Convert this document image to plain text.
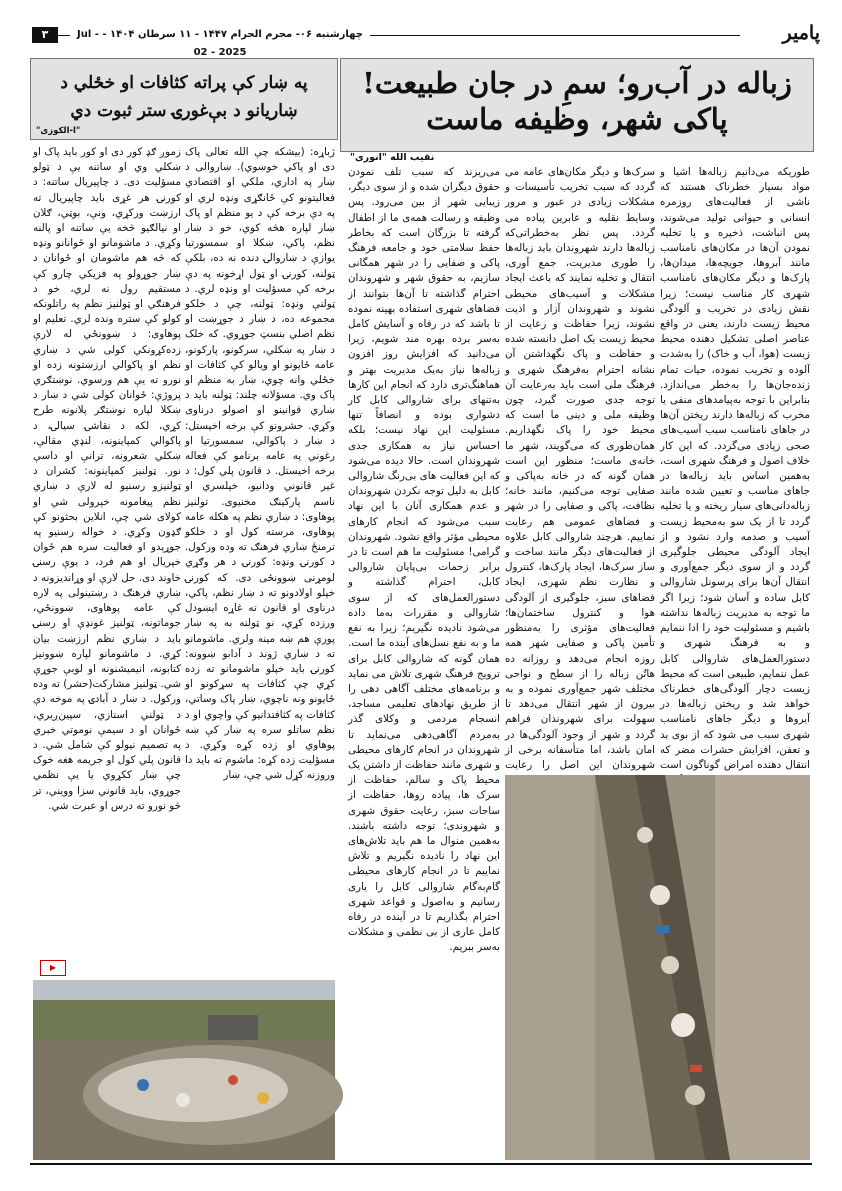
۳	چهارشنبه ۰۶- محرم الحرام ۱۴۴۷ - ۱۱ سرطان ۱۴۰۴ - Jul - 02 - 2025
پامیر
زباله در آب‌رو؛ سمِ در جان طبیعت!
پاکی شهر، وظیفه ماست
نقیب الله "انوری"
په ښار کې پراته کثافات او خځلي د
ښاريانو د بې‌غورۍ ستر ثبوت دي
"ا-الکوزی"
طوریکه می‌دانیم زباله‌ها اشیا و مواد بسیار خطرناک هستند که ناشی از فعالیت‌های روزمره انسانی و حیوانی تولید می‌شوند، پس انباشت، ذخیره و یا تخلیه نمودن آن‌ها در مکان‌های نامناسب مانند آبروها، جویچه‌ها، میدان‌ها، پارک‌ها و دیگر مکان‌های نامناسب شهری کار مناسب نیست؛ زیرا نقش زیادی در تخریب و آلودگی محیط زیست دارند، یعنی در واقع عناصر اصلی تشکیل دهنده محیط زیست (هوا، آب و خاک) را به‌شدت آلوده و تخریب نموده، حیات تمام زنده‌جان‌ها را به‌خطر می‌اندازد. بنابراین با توجه به‌پیامدهای منفی یا مخرب که زباله‌ها دارند ریختن آن‌ها در جاهای نامناسب سبب آسیب‌های صحی زیادی می‌گردد. که این کار خلاف اصول و فرهنگ شهری است، به‌همین اساس باید زباله‌ها در جاهای مناسب و تعیین شده مانند زباله‌دانی‌های سیار ریخته و یا تخلیه گردد تا از یک سو به‌محیط زیست آسیب و صدمه وارد نشود و از ایجاد آلودگی محیطی جلوگیری گردد و از سوی دیگر جمع‌آوری و انتقال آن‌ها برای پرسونل شاروالی کابل ساده و آسان شود؛ زیرا اگر ما توجه به مدیریت زباله‌ها نداشته باشیم و مسئولیت خود را ادا ننمایم و به فرهنگ شهری و دستورالعمل‌های شاروالی کابل عمل ننمایم، طبیعی است که محیط زیست دچار آلودگی‌های خطرناک خواهد شد و ریختن زباله‌ها در آبروها و دیگر جاهای نامناسب شهری سبب می شود که از بوی بد و تعفن، افزایش حشرات مضر که انتقال دهنده امراض گوناگون است
سرک‌ها و دیگر مکان‌های عامه می گردد که سبب تخریب تأسیسات و مشکلات زیادی در عبور و مرور وسایط نقلیه و عابرین پیاده می گردد. پس نظر به‌خطراتی‌که زباله‌ها دارند شهروندان باید زباله‌ها را طوری مدیریت، جمع آوری، انتقال و تخلیه نمایند که باعث ایجاد مشکلات و آسیب‌های محیطی نشوند و شهروندان آزار و اذیت نشوند، زیرا حفاظت و رعایت از محیط زیست یک اصل دانسته شده و حفاظت و پاک نگهداشتن آن نشانه احترام به‌فرهنگ شهری و فرهنگ ملی است باید به‌رعایت آن توجه جدی صورت گیرد، چون وظیفه ملی و دینی ما است که محیط خود را پاک نگهداریم. همان‌طوری که می‌گویند، شهر ما خانه‌ی ماست؛ منظور این است همان گونه که در خانه به‌پاکی و صفایی توجه می‌کنیم، مانند خانه؛ نظافت، پاکی و صفایی را در شهر و فضاهای عمومی هم رعایت نماییم. هرچند شاروالی کابل علاوه از فعالیت‌های دیگر مانند ساخت و ساز سرک‌ها، ایجاد پارک‌ها، کنترول و نظارت نظم شهری، ایجاد فضاهای سبز، جلوگیری از آلودگی هوا و کنترول ساختمان‌ها؛ فعالیت‌های مؤثری را به‌منظور تأمین پاکی و صفایی شهر همه روزه انجام می‌دهد و روزانه ده هاتُن زباله را از سطح و نواحی مختلف شهر جمع‌آوری نموده و به بیرون از شهر انتقال می‌دهد تا سهولت برای شهروندان فراهم گردد و شهر از وجود آلودگی‌ها در امان باشد، اما متأسفانه برخی از شهروندان این اصل را رعایت
می‌ریزند که سبب تلف نمودن حقوق دیگران شده و از سوی دیگر، زیبایی شهر از بین می‌رود. پس وظیفه و رسالت همه‌ی ما از اطفال گرفته تا بزرگان است که بخاطر حفظ سلامتی خود و جامعه فرهنگ پاکی و صفایی را در شهر همگانی سازیم، به حقوق شهر و شهروندان احترام گذاشته تا آن‌ها بتوانند از فضاهای شهری استفاده بهینه نموده تا باشد که در رفاه و آسایش کامل به‌سر برده بهره مند شویم، زیرا می‌دانید که افزایش روز افزون زباله‌ها نیاز به‌یک مدیریت بهتر و هماهنگ‌تری دارد که انجام این کارها به‌تنهای برای شاروالی کابل کار دشواری بوده و انصافاً تنها مسئولیت این نهاد نیست؛ بلکه احساس نیاز به همکاری جدی شهروندان است. حالا دیده می‌شود که این فعالیت های بی‌رنگ شاروالی کابل به دلیل توجه نکردن شهروندان و عدم همکاری آنان با این نهاد سبب می‌شود که انجام کارهای محیطی مؤثر واقع نشود. شهروندان گرامی! مسئولیت ما هم است تا در برابر زحمات بی‌پایان شاروالی کابل، احترام گذاشته و دستورالعمل‌های که از سوی شاروالی و مقررات به‌ما داده می‌شود نادیده نگیریم؛ زیرا به نفع ما و به نفع نسل‌های آینده ما است. همان گونه که شاروالی کابل برای ترویج فرهنگ شهری تلاش می نماید و برنامه‌های مختلف آگاهی دهی را از طریق نهادهای تعلیمی مساجد، انسجام مردمی و وکلای گذر به‌مردم آگاهی‌دهی می‌نماید تا شهروندان در انجام کارهای محیطی و شهری مانند حفاظت از داشتن یک محیط پاک و سالم، حفاظت از سرک ها، پیاده روها، حفاظت از ساحات سبز، رعایت حقوق شهری و شهروندی؛ توجه داشته باشند. به‌همین منوال ما هم باید تلاش‌های این نهاد را نادیده نگیریم و تلاش نماییم تا در انجام کارهای محیطی گام‌به‌گام شاروالی کابل را یاری رسانیم و به‌اصول و قواعد شهری احترام بگذاریم تا در آینده در رفاه کامل عاری از بی نظمی و مشکلات به‌سر ببریم.
ژباړه: (بیشکه چې الله تعالی پاک دی او پاکي خوښوي). ښاروالی د ښار په اداري، ملکي او اقتصادي فعالیتونو کې ځانګړی ونډه لري او په دې برخه کې د یو منظم او پاک ښار لپاره هڅه کوي، خو د ښار نظم، پاکي، ښکلا او سمسورتیا یوازې د ښاروالۍ دنده نه ده، بلکې ټولنه، کورنۍ او ټول اړخونه په دې برخه کې مسؤلیت او ونډه لري. د ټولنې ونډه: ټولنه، چې د خلکو مجموعه ده، د ښار د جوړښت او نظم اصلي بنسټ جوړوي. که خلک د ښار په ښکلي، سرکونو، پارکونو، عامه ځایونو او ویالو کې کثافات او خځلي وانه چوي، ښار به منظم او پاک وي. مسؤلانه چلند: ټولنه باید د ښاري قوانینو او اصولو درناوی وکړي. حشرونو کې برخه اخیستل: د ښار د پاکوالي، سمسورتیا او رغوني په عامه برنامو کې فعاله برخه اخیستل. د قانون پلي کول: د غیر قانوني ودانیو، خپلسري او ناسم پارکینګ مخنیوی. تولنیز پوهاوی: د ښاري نظم په هکله عامه پوهاوی، مرسته کول او د خلکو ترمنځ ښاري فرهنګ ته وده ورکول. د کورنۍ ونډه: کورنۍ د هر وګړي لومړنی ښوونځی دی. که کورنۍ خپلو اولادونو ته د ښار نظم، پاکي، درناوی او قانون ته غاړه ایښودل ورزده کړي، نو ټولنه به په ښار پورې هم ښه مینه ولري. ماشومانو ته د ښاري ژوند د آدابو ښوونه: کورنۍ باید خپلو ماشومانو ته زده کړي چې کثافات په سړکونو او ځایونو ونه ناچوي، ښار پاک وساتي، کثافات په کثافتدانيو کې واچوي او د نظم ساتلو سره په ښار کې ښه پوهاوي او زده کړه وکړي. د مسؤلیت زده کړه: ماشوم ته باید دا وروزنه کړل شي چې، ښار
زموږ ګډ کور دی او کور باید پاک او ښکلي وي او ساتنه يې د ټولو مسؤلیت دی. د چاپیریال ساتنه: د کورنۍ هر غړی باید چاپیریال ته ارزښت ورکړي، ونې، بوټي، ګلان او نیالګیو څخه یې ساتنه او پالنه وکړي. د ماشومانو او ځوانانو ونډه که څه هم ماشومان او ځوانان د ښار جوړولو په فزیکي چارو کې مستقیم رول نه لري، خو د فرهنګي او ټولنیز نظم په راتلونکه کولو کې ستره ونده لري. تعلیم او پوهاوی: د ښوونځي له لارې زده‌کړونکي کولی شي د ښاري نظم او پاکوالي ارزښتونه زده او نورو ته یې هم ورسوي. نوښتګري پروژې: ځوانان کولی شي د ښار د ښکلا لپاره نوښتګر پلانونه طرح کړي، لکه د نقاشۍ سیالۍ، د پاکوالي کمپاینونه، لنډي مقالې، ښکلي شعرونه، ترانې او داسې نور. ټولنیز کمپاینونه: کشران د ټولنیزو رسنیو له لارې د ښاري نظم پیغامونه خپرولی شي او کولای شي چې، انلاین بحثونو کې ګډون وکړي. د خواله رسنیو په جوړېدو او فعالیت سره هم ځوان خپریال او هم فرد، د یوې رسنۍ خاوند دی. حل لارې او وړاندیزونه د ښاري فرهنګ د رښتینولی په لاره کې عامه پوهاوی، ښوونځي، جوماتونه، ټولنیز غونډې او رسنۍ باید د ښاري نظم ارزښت بیان کړي. د ماشومانو لپاره ښوونیز کتابونه، انیمیشنونه او لوبې جوړې شي. ټولنیز مشارکت(حشر) ته وده ورکول. د ښار د آبادۍ په موخه دې د ټولني استازي، سپین‌ږیري، ځوانان او د سیمې نوموتي خبري په تصمیم نیولو کې شامل شي. د قانون پلي کول او جریمه هغه خوک چې ښار ککړوي یا یې نظمي جوړوي، باید قانوني سزا وویني، تر څو نورو ته درس او عبرت شي.
▶
